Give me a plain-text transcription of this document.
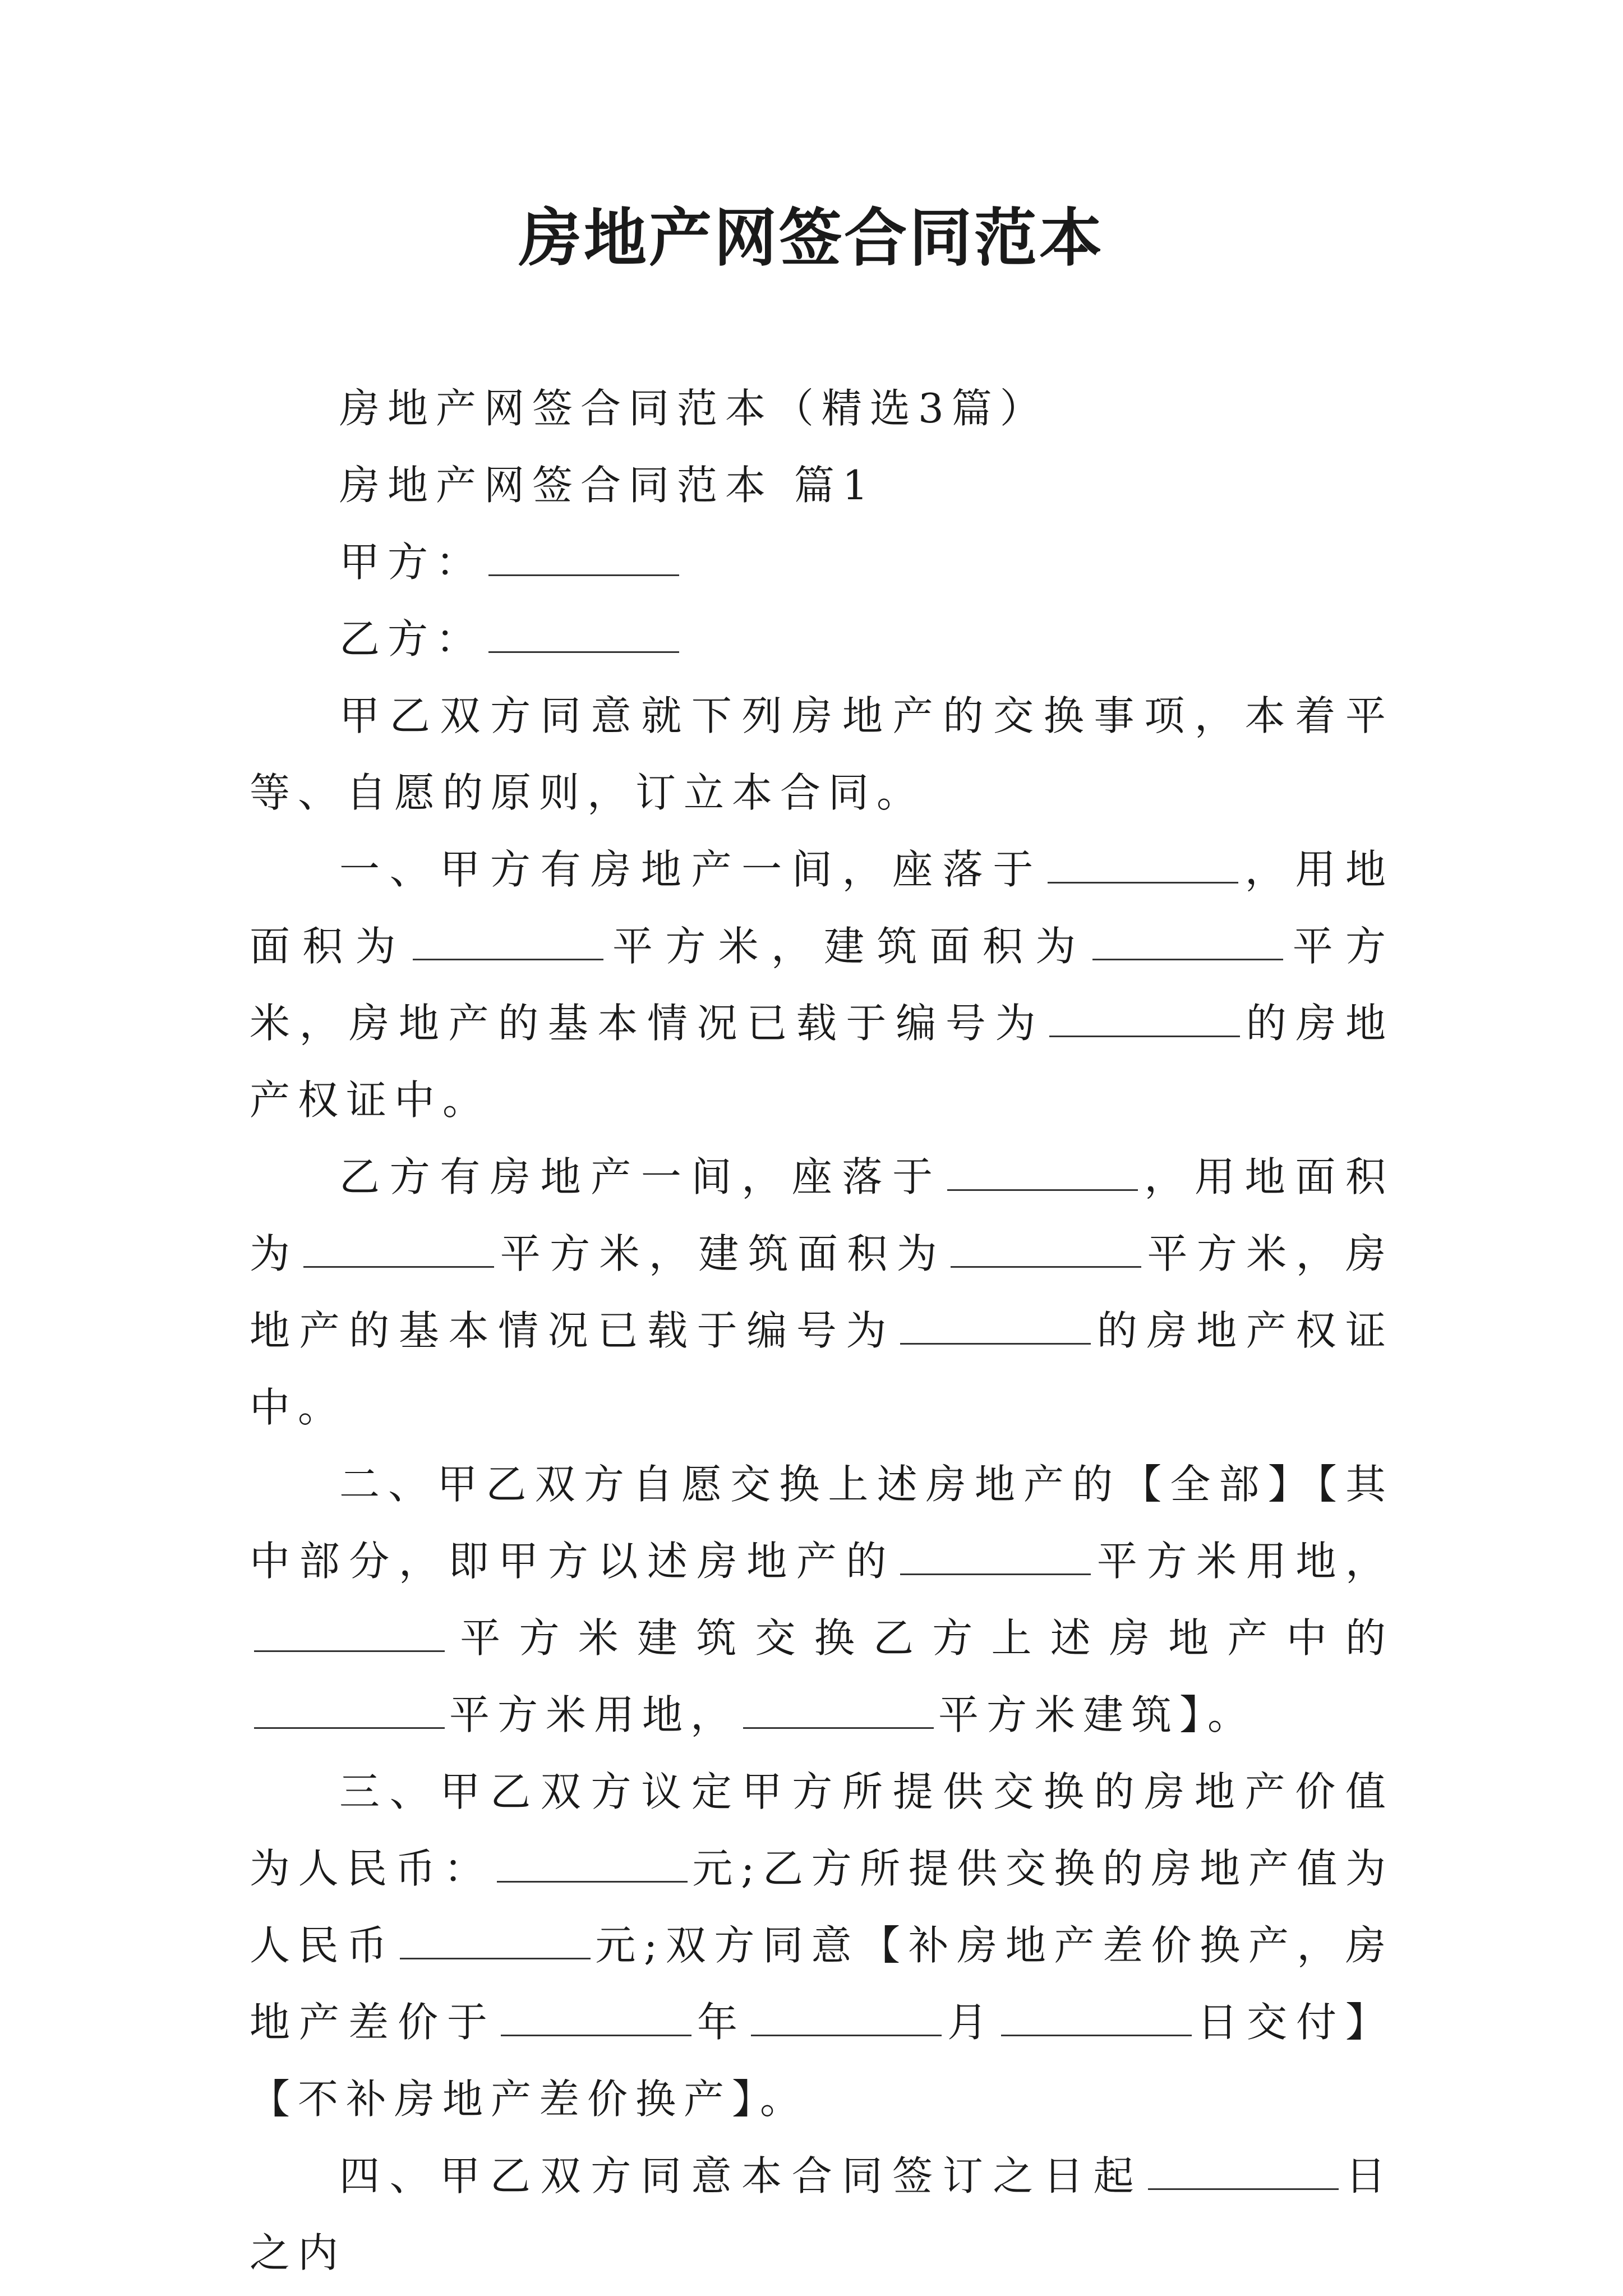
房地产网签合同范本

房地产网签合同范本（精选3篇）

房地产网签合同范本 篇1

甲方：

乙方：

甲乙双方同意就下列房地产的交换事项，本着平等、自愿的原则，订立本合同。

一、甲方有房地产一间，座落于	，用地面积为	平方米，建筑面积为	平方米，房地产的基本情况已载于编号为	的房地产权证中。

乙方有房地产一间，座落于	，用地面积为	平方米，建筑面积为	平方米，房地产的基本情况已载于编号为	的房地产权证中。

二、甲乙双方自愿交换上述房地产的【全部】【其中部分，即甲方以述房地产的	平方米用地，平方米建筑交换乙方上述房地产中的平方米用地，	平方米建筑】。

三、甲乙双方议定甲方所提供交换的房地产价值为人民币：	元;乙方所提供交换的房地产值为人民币	元;双方同意【补房地产差价换产，房地产差价于	年	月	日交付】【不补房地产差价换产】。

四、甲乙双方同意本合同签订之日起	日之内
